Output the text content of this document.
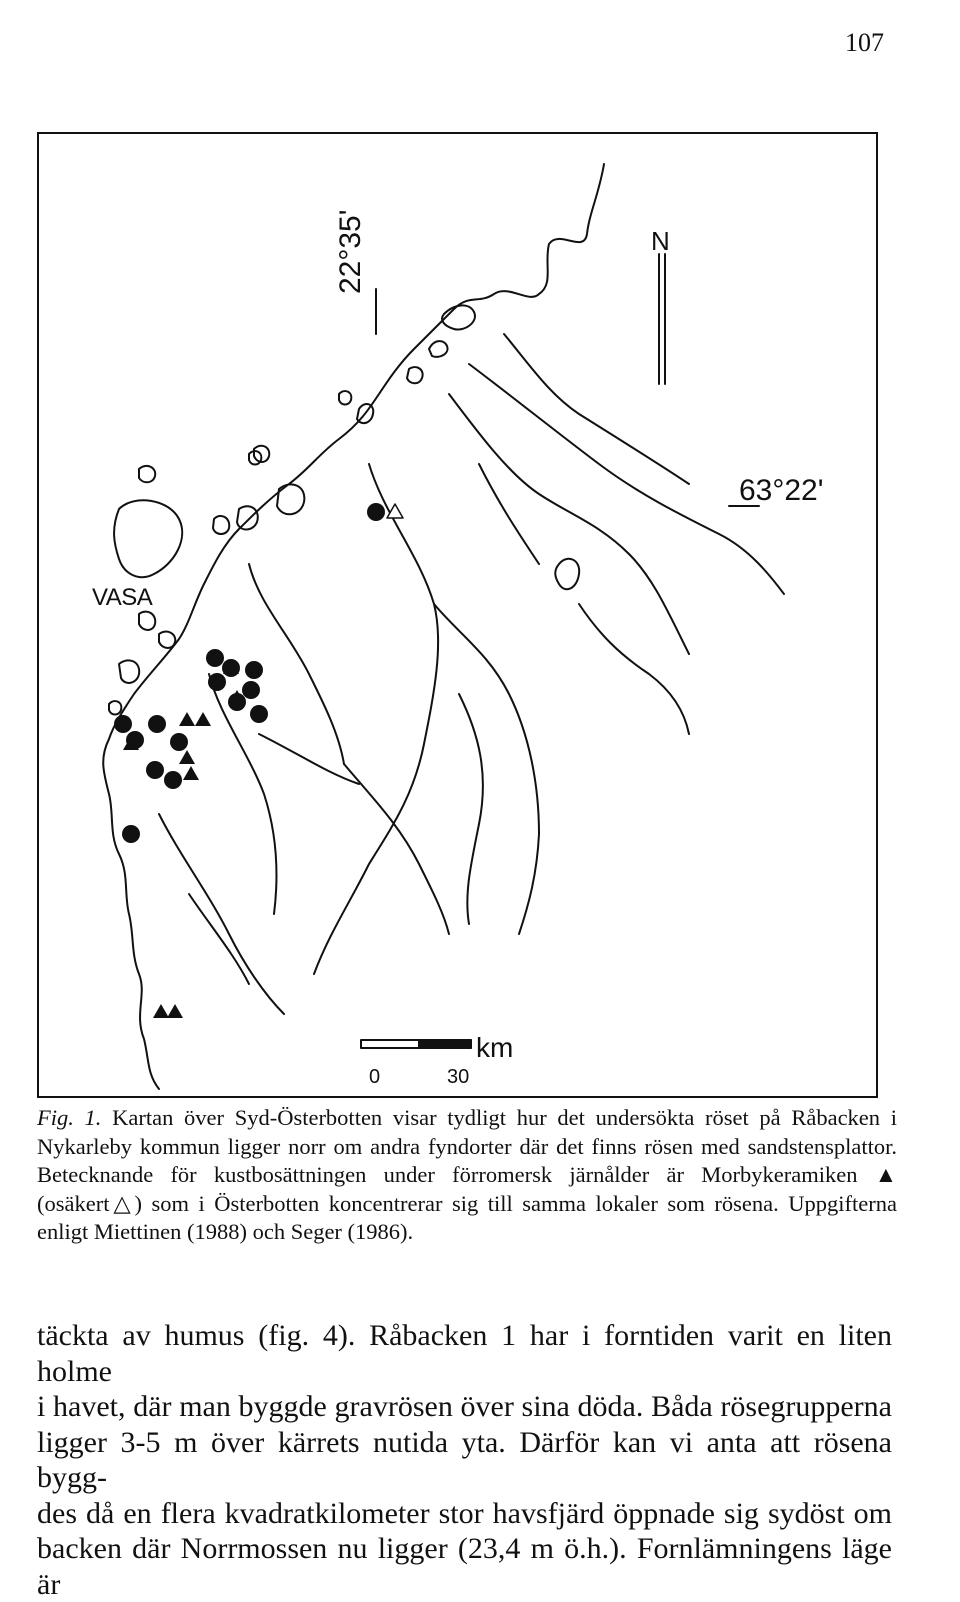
107
22°35'
63°22'
N
VASA
km
0	30
Fig. 1. Kartan över Syd-Österbotten visar tydligt hur det undersökta röset på Råbacken i Nykarleby kommun ligger norr om andra fyndorter där det finns rösen med sandstensplattor. Betecknande för kustbosättningen under förromersk järnålder är Morbykeramiken ▲ (osäkert△) som i Österbotten koncentrerar sig till samma lokaler som rösena. Uppgifterna enligt Miettinen (1988) och Seger (1986).
täckta av humus (fig. 4). Råbacken 1 har i forntiden varit en liten holme
i havet, där man byggde gravrösen över sina döda. Båda rösegrupperna
ligger 3-5 m över kärrets nutida yta. Därför kan vi anta att rösena bygg-
des då en flera kvadratkilometer stor havsfjärd öppnade sig sydöst om
backen där Norrmossen nu ligger (23,4 m ö.h.). Fornlämningens läge är
